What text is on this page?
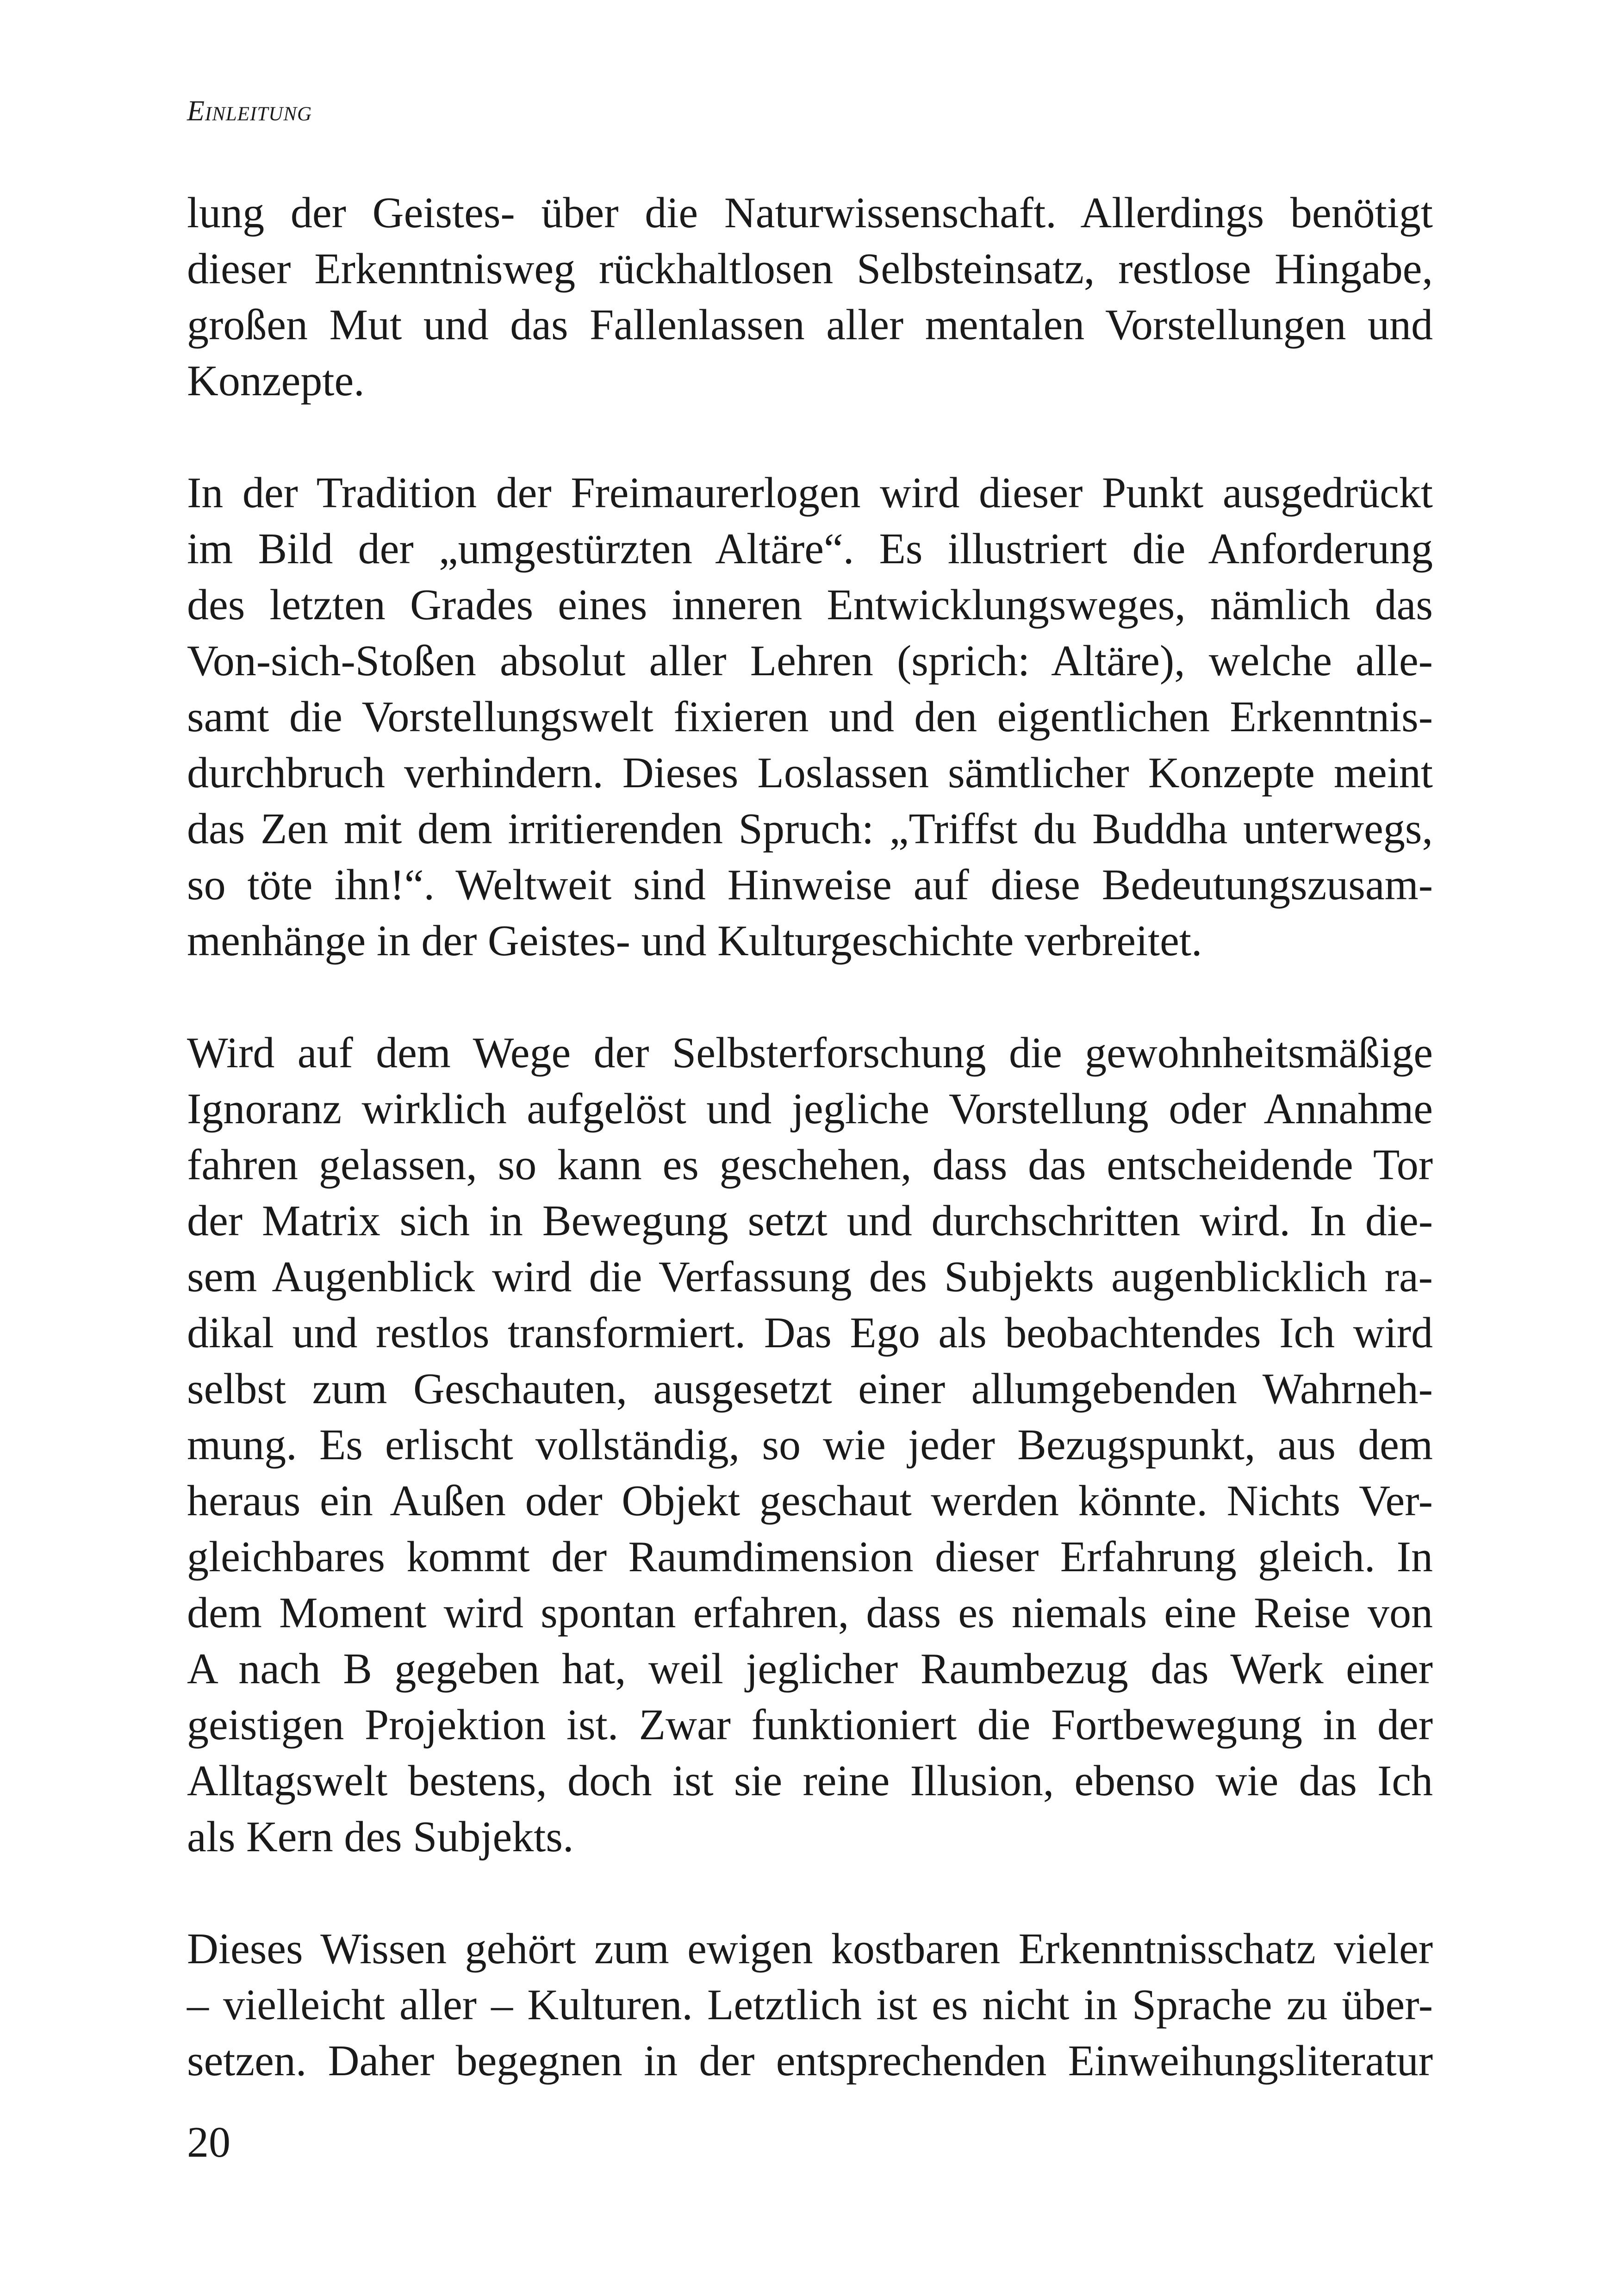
Einleitung

lung der Geistes- über die Naturwissenschaft. Allerdings benötigt
dieser Erkenntnisweg rückhaltlosen Selbsteinsatz, restlose Hingabe,
großen Mut und das Fallenlassen aller mentalen Vorstellungen und
Konzepte.

In der Tradition der Freimaurerlogen wird dieser Punkt ausgedrückt
im Bild der „umgestürzten Altäre“. Es illustriert die Anforderung
des letzten Grades eines inneren Entwicklungsweges, nämlich das
Von-sich-Stoßen absolut aller Lehren (sprich: Altäre), welche alle-
samt die Vorstellungswelt fixieren und den eigentlichen Erkenntnis-
durchbruch verhindern. Dieses Loslassen sämtlicher Konzepte meint
das Zen mit dem irritierenden Spruch: „Triffst du Buddha unterwegs,
so töte ihn!“. Weltweit sind Hinweise auf diese Bedeutungszusam-
menhänge in der Geistes- und Kulturgeschichte verbreitet.

Wird auf dem Wege der Selbsterforschung die gewohnheitsmäßige
Ignoranz wirklich aufgelöst und jegliche Vorstellung oder Annahme
fahren gelassen, so kann es geschehen, dass das entscheidende Tor
der Matrix sich in Bewegung setzt und durchschritten wird. In die-
sem Augenblick wird die Verfassung des Subjekts augenblicklich ra-
dikal und restlos transformiert. Das Ego als beobachtendes Ich wird
selbst zum Geschauten, ausgesetzt einer allumgebenden Wahrneh-
mung. Es erlischt vollständig, so wie jeder Bezugspunkt, aus dem
heraus ein Außen oder Objekt geschaut werden könnte. Nichts Ver-
gleichbares kommt der Raumdimension dieser Erfahrung gleich. In
dem Moment wird spontan erfahren, dass es niemals eine Reise von
A nach B gegeben hat, weil jeglicher Raumbezug das Werk einer
geistigen Projektion ist. Zwar funktioniert die Fortbewegung in der
Alltagswelt bestens, doch ist sie reine Illusion, ebenso wie das Ich
als Kern des Subjekts.

Dieses Wissen gehört zum ewigen kostbaren Erkenntnisschatz vieler
– vielleicht aller – Kulturen. Letztlich ist es nicht in Sprache zu über-
setzen. Daher begegnen in der entsprechenden Einweihungsliteratur

20
